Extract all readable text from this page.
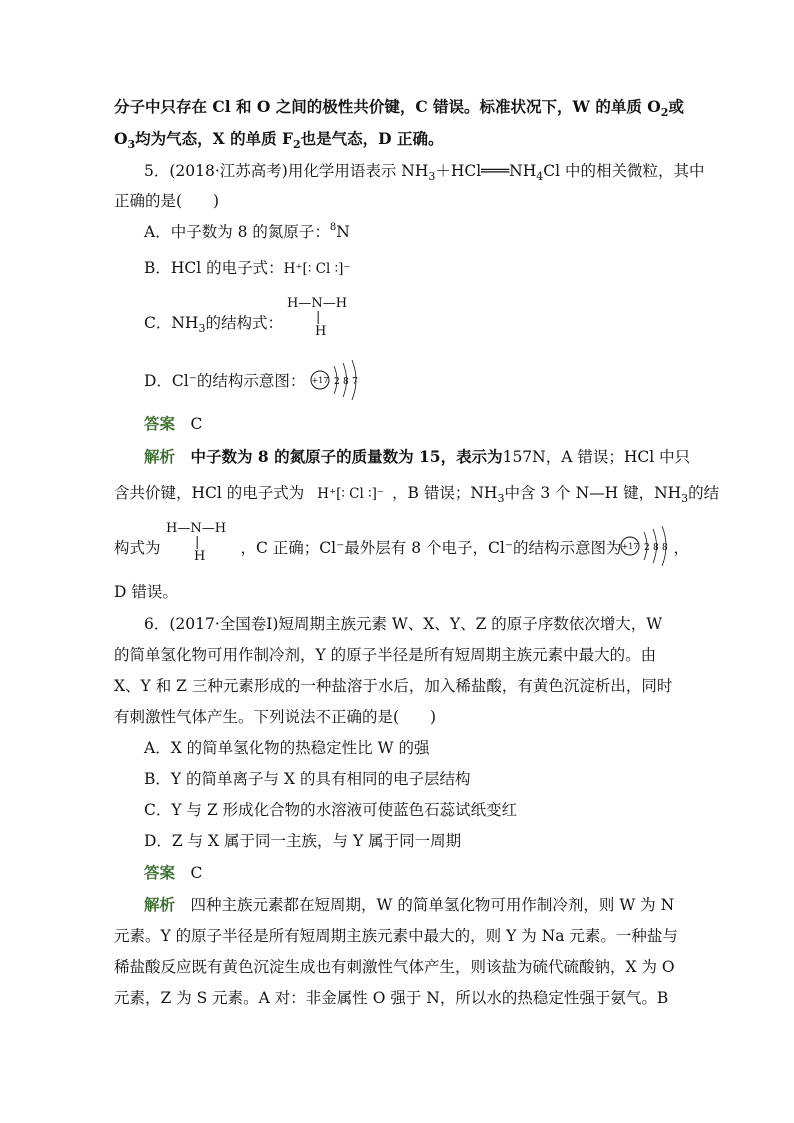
分子中只存在 Cl 和 O 之间的极性共价键，C 错误。标准状况下，W 的单质 $O_2$或
$O_3$均为气态，X 的单质 $F_2$也是气态，D 正确。
5．(2018·江苏高考)用化学用语表示 $NH_3+HCl═══NH_4Cl$ 中的相关微粒，其中
正确的是(　　)
A．中子数为 8 的氮原子：$^8$N
B．HCl 的电子式：H⁺[∶ Cl ∶]⁻
C．$NH_3$的结构式：
H—N—H
|
H
D．Cl⁻的结构示意图： +17 2 8 7
答案　 C
解析　 中子数为 8 的氮原子的质量数为 15，表示为157N，A 错误；HCl 中只
含共价键，HCl 的电子式为 H⁺[∶ Cl ∶]⁻ ，B 错误；$NH_3$中含 3 个 N—H 键，$NH_3$的结
构式为	，C 正确；Cl⁻最外层有 8 个电子，Cl⁻的结构示意图为	，
H—N—H
|
H
+17 2 8 8
D 错误。
6．(2017·全国卷Ⅰ)短周期主族元素 W、X、Y、Z 的原子序数依次增大，W
的简单氢化物可用作制冷剂，Y 的原子半径是所有短周期主族元素中最大的。由
X、Y 和 Z 三种元素形成的一种盐溶于水后，加入稀盐酸，有黄色沉淀析出，同时
有刺激性气体产生。下列说法不正确的是(　　)
A．X 的简单氢化物的热稳定性比 W 的强
B．Y 的简单离子与 X 的具有相同的电子层结构
C．Y 与 Z 形成化合物的水溶液可使蓝色石蕊试纸变红
D．Z 与 X 属于同一主族，与 Y 属于同一周期
答案　 C
解析　 四种主族元素都在短周期，W 的简单氢化物可用作制冷剂，则 W 为 N
元素。Y 的原子半径是所有短周期主族元素中最大的，则 Y 为 Na 元素。一种盐与
稀盐酸反应既有黄色沉淀生成也有刺激性气体产生，则该盐为硫代硫酸钠，X 为 O
元素，Z 为 S 元素。A 对：非金属性 O 强于 N，所以水的热稳定性强于氨气。B
